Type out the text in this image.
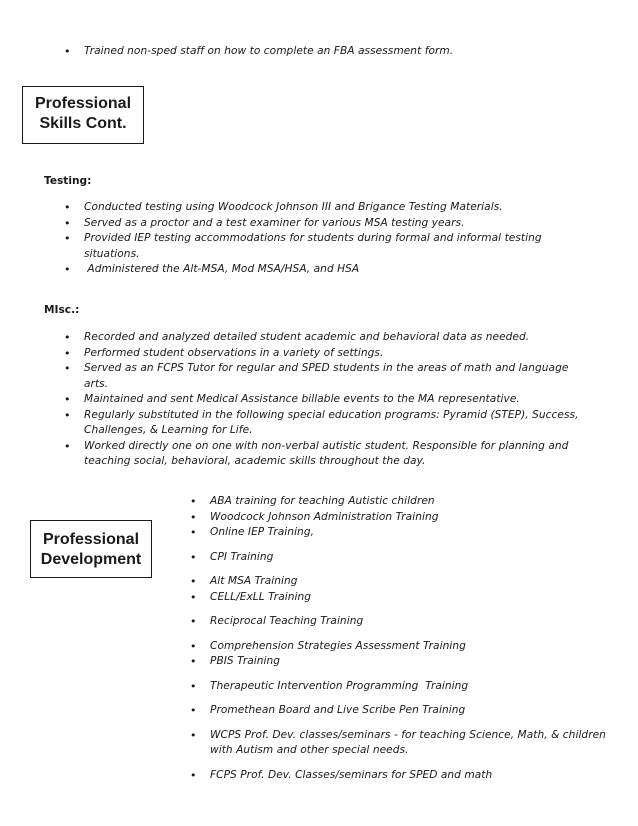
• Trained non-sped staff on how to complete an FBA assessment form.
Professional
Skills Cont.
Testing:
• Conducted testing using Woodcock Johnson III and Brigance Testing Materials.
• Served as a proctor and a test examiner for various MSA testing years.
• Provided IEP testing accommodations for students during formal and informal testing situations.
•  Administered the Alt-MSA, Mod MSA/HSA, and HSA
MIsc.:
• Recorded and analyzed detailed student academic and behavioral data as needed.
• Performed student observations in a variety of settings.
• Served as an FCPS Tutor for regular and SPED students in the areas of math and language arts.
• Maintained and sent Medical Assistance billable events to the MA representative.
• Regularly substituted in the following special education programs: Pyramid (STEP), Success, Challenges, & Learning for Life.
• Worked directly one on one with non-verbal autistic student. Responsible for planning and teaching social, behavioral, academic skills throughout the day.
Professional
Development
• ABA training for teaching Autistic children
• Woodcock Johnson Administration Training
• Online IEP Training,
• CPI Training
• Alt MSA Training
• CELL/ExLL Training
• Reciprocal Teaching Training
• Comprehension Strategies Assessment Training
• PBIS Training
• Therapeutic Intervention Programming  Training
• Promethean Board and Live Scribe Pen Training
• WCPS Prof. Dev. classes/seminars - for teaching Science, Math, & children with Autism and other special needs.
• FCPS Prof. Dev. Classes/seminars for SPED and math
